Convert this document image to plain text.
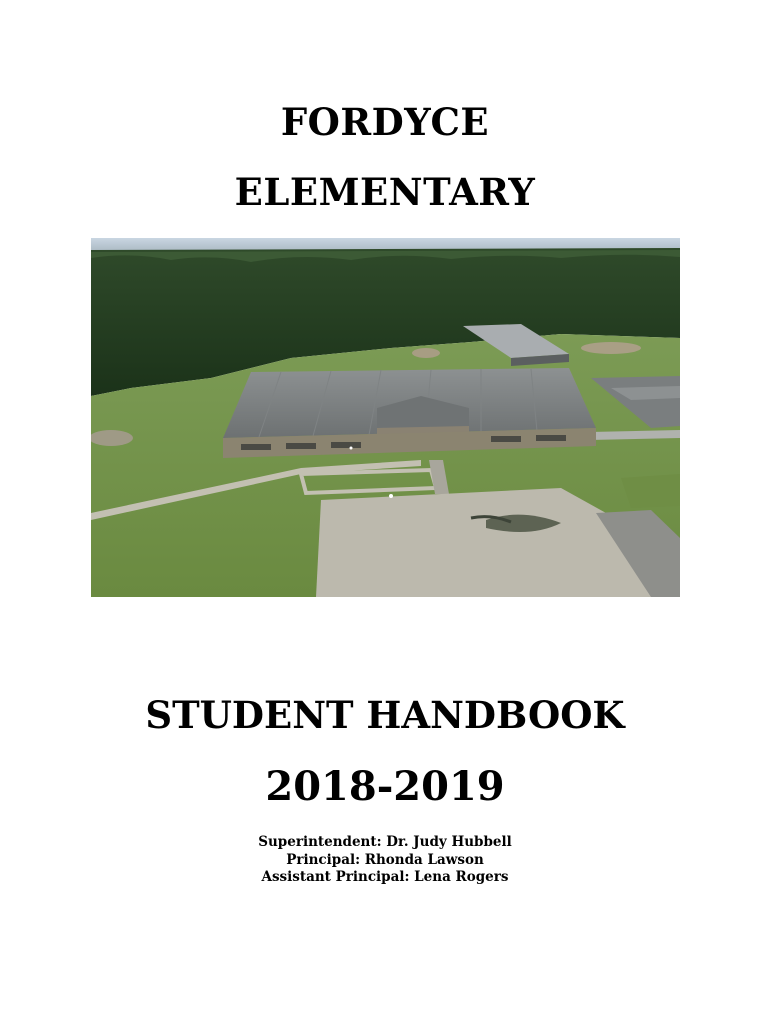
FORDYCE
ELEMENTARY
STUDENT HANDBOOK
2018-2019
Superintendent: Dr. Judy Hubbell
Principal: Rhonda Lawson
Assistant Principal: Lena Rogers
